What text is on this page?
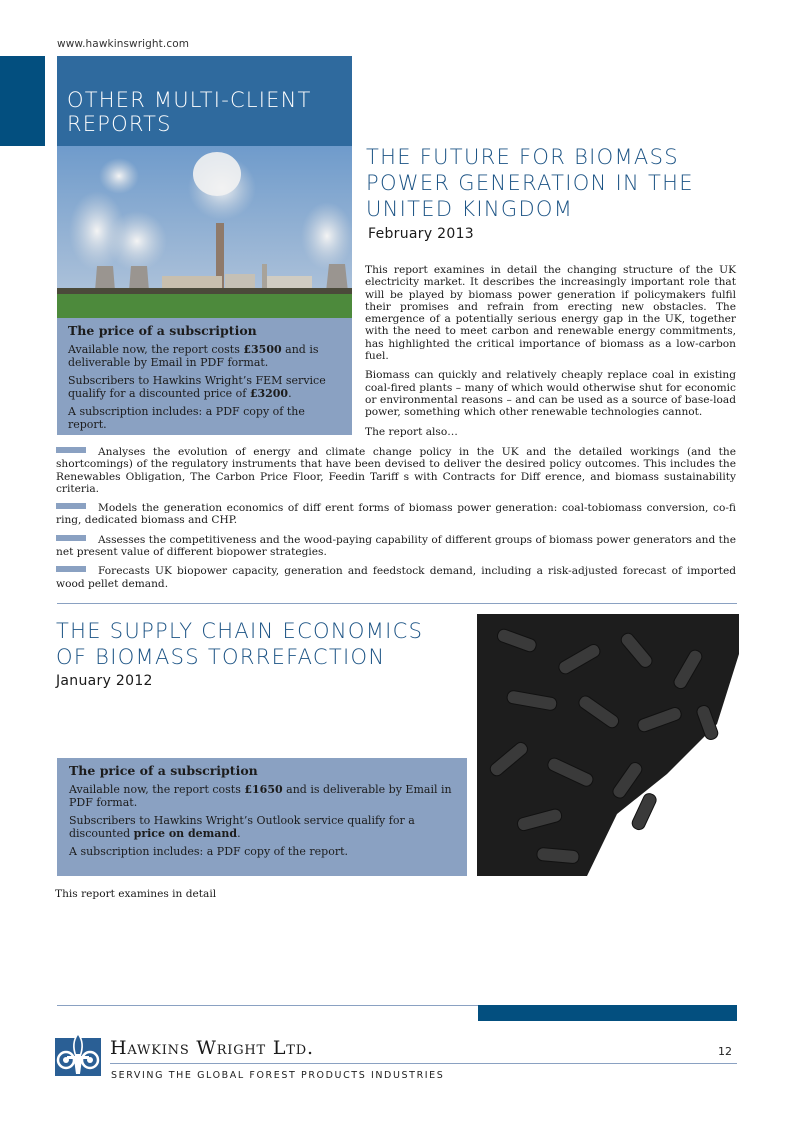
www.hawkinswright.com
OTHER MULTI-CLIENT
REPORTS
The price of a subscription

Available now, the report costs £3500 and is deliverable by Email in PDF format.

Subscribers to Hawkins Wright’s FEM service qualify for a discounted price of £3200.

A subscription includes: a PDF copy of the report.

THE FUTURE FOR BIOMASS
POWER GENERATION IN THE
UNITED KINGDOM
February 2013

This report examines in detail the changing structure of the UK electricity market. It describes the increasingly important role that will be played by biomass power generation if policymakers fulfil their promises and refrain from erecting new obstacles. The emergence of a potentially serious energy gap in the UK, together with the need to meet carbon and renewable energy commitments, has highlighted the critical importance of biomass as a low-carbon fuel.

Biomass can quickly and relatively cheaply replace coal in existing coal-fired plants – many of which would otherwise shut for economic or environmental reasons – and can be used as a source of base-load power, something which other renewable technologies cannot.

The report also…

Analyses the evolution of energy and climate change policy in the UK and the detailed workings (and the shortcomings) of the regulatory instruments that have been devised to deliver the desired policy outcomes. This includes the Renewables Obligation, The Carbon Price Floor, Feedin Tariff s with Contracts for Diff erence, and biomass sustainability criteria.
Models the generation economics of diff erent forms of biomass power generation: coal-tobiomass conversion, co-fi ring, dedicated biomass and CHP.
Assesses the competitiveness and the wood-paying capability of different groups of biomass power generators and the net present value of different biopower strategies.
Forecasts UK biopower capacity, generation and feedstock demand, including a risk-adjusted forecast of imported wood pellet demand.
THE SUPPLY CHAIN ECONOMICS
OF BIOMASS TORREFACTION
January 2012
The price of a subscription

Available now, the report costs £1650 and is deliverable by Email in PDF format.

Subscribers to Hawkins Wright’s Outlook service qualify for a discounted price on demand.

A subscription includes: a PDF copy of the report.

This report examines in detail
Hawkins Wright Ltd.
SERVING THE GLOBAL FOREST PRODUCTS INDUSTRIES
12
